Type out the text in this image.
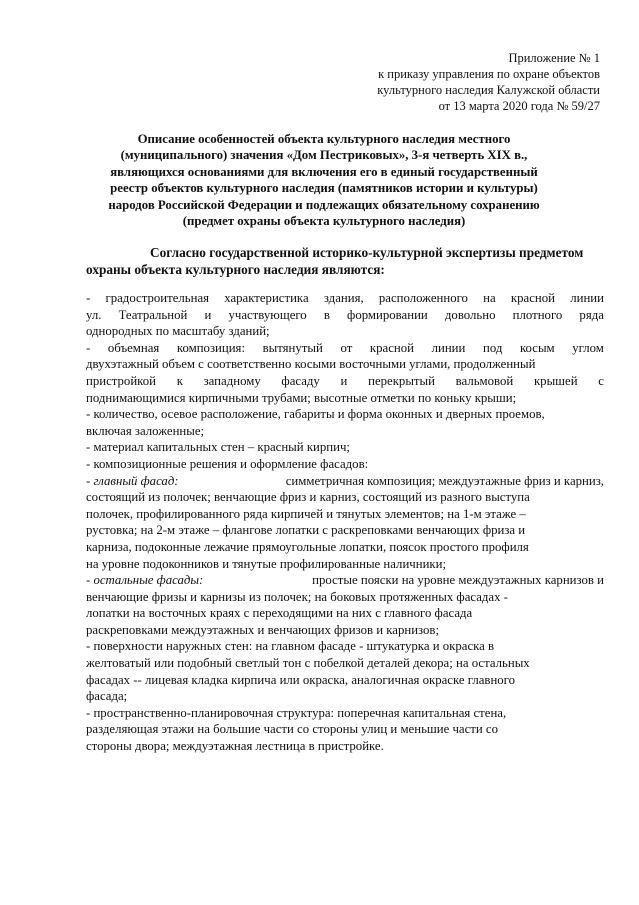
Приложение № 1
к приказу управления по охране объектов
культурного наследия Калужской области
от 13 марта 2020 года № 59/27
Описание особенностей объекта культурного наследия местного
(муниципального) значения «Дом Пестриковых», 3-я четверть XIX в.,
являющихся основаниями для включения его в единый государственный
реестр объектов культурного наследия (памятников истории и культуры)
народов Российской Федерации и подлежащих обязательному сохранению
(предмет охраны объекта культурного наследия)
Согласно государственной историко-культурной экспертизы предметом
охраны объекта культурного наследия являются:
- градостроительная характеристика здания, расположенного на красной линии
ул. Театральной и участвующего в формировании довольно плотного ряда
однородных по масштабу зданий;
- объемная композиция: вытянутый от красной линии под косым углом
двухэтажный объем с соответственно косыми восточными углами, продолженный
пристройкой к западному фасаду и перекрытый вальмовой крышей с
поднимающимися кирпичными трубами; высотные отметки по коньку крыши;
- количество, осевое расположение, габариты и форма оконных и дверных проемов,
включая заложенные;
- материал капитальных стен – красный кирпич;
- композиционные решения и оформление фасадов:
- главный фасад:	симметричная композиция; междуэтажные фриз и карниз,
состоящий из полочек; венчающие фриз и карниз, состоящий из разного выступа
полочек, профилированного ряда кирпичей и тянутых элементов; на 1-м этаже –
рустовка; на 2-м этаже – флангове лопатки с раскреповками венчающих фриза и
карниза, подоконные лежачие прямоугольные лопатки, поясок простого профиля
на уровне подоконников и тянутые профилированные наличники;
- остальные фасады:	простые пояски на уровне междуэтажных карнизов и
венчающие фризы и карнизы из полочек; на боковых протяженных фасадах -
лопатки на восточных краях с переходящими на них с главного фасада
раскреповками междуэтажных и венчающих фризов и карнизов;
- поверхности наружных стен: на главном фасаде - штукатурка и окраска в
желтоватый или подобный светлый тон с побелкой деталей декора; на остальных
фасадах -- лицевая кладка кирпича или окраска, аналогичная окраске главного
фасада;
- пространственно-планировочная структура: поперечная капитальная стена,
разделяющая этажи на большие части со стороны улиц и меньшие части со
стороны двора; междуэтажная лестница в пристройке.
